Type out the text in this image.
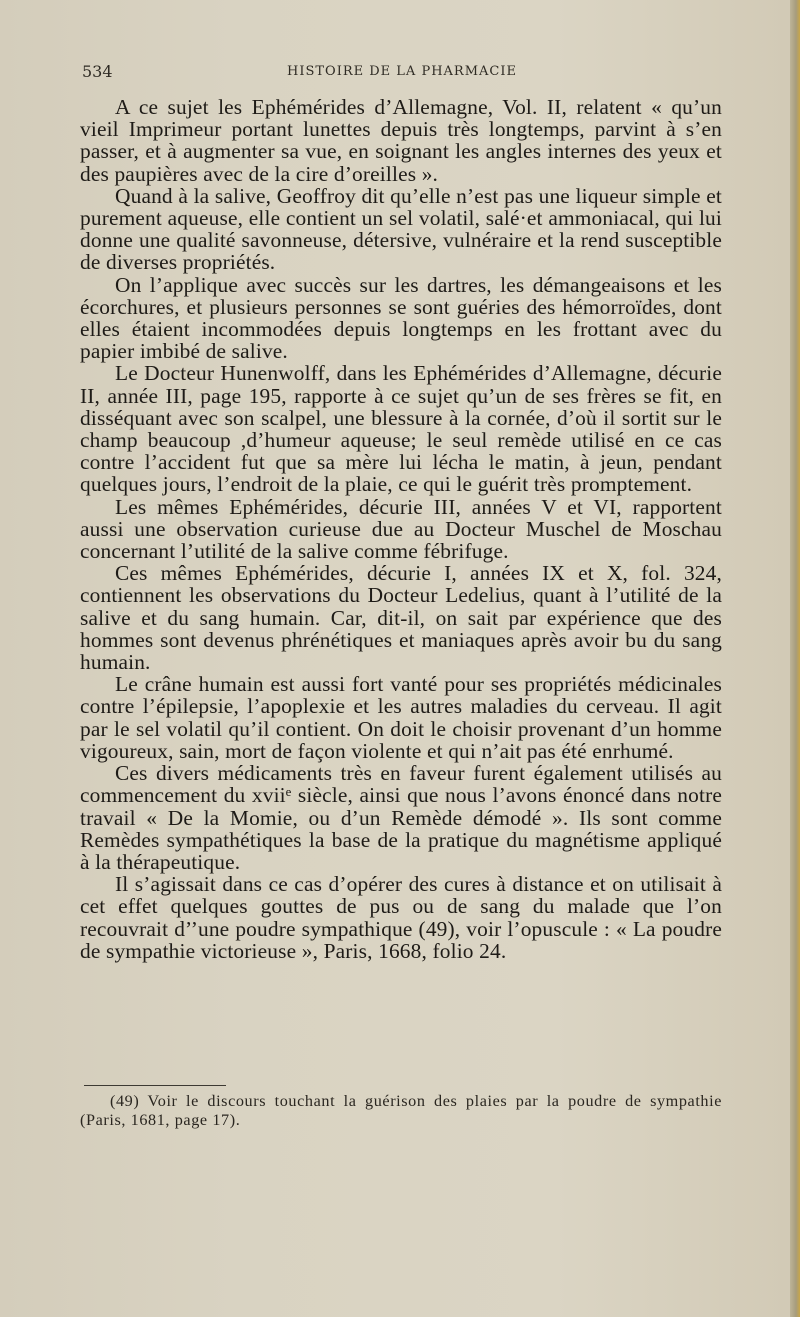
534	HISTOIRE DE LA PHARMACIE

A ce sujet les Ephémérides d’Allemagne, Vol. II, relatent « qu’un vieil Imprimeur portant lunettes depuis très longtemps, parvint à s’en passer, et à augmenter sa vue, en soignant les angles internes des yeux et des paupières avec de la cire d’oreilles ».

Quand à la salive, Geoffroy dit qu’elle n’est pas une liqueur simple et purement aqueuse, elle contient un sel volatil, salé·et ammoniacal, qui lui donne une qualité savonneuse, détersive, vulnéraire et la rend susceptible de diverses propriétés.

On l’applique avec succès sur les dartres, les démangeaisons et les écorchures, et plusieurs personnes se sont guéries des hémorroïdes, dont elles étaient incommodées depuis longtemps en les frottant avec du papier imbibé de salive.

Le Docteur Hunenwolff, dans les Ephémérides d’Allemagne, décurie II, année III, page 195, rapporte à ce sujet qu’un de ses frères se fit, en disséquant avec son scalpel, une blessure à la cornée, d’où il sortit sur le champ beaucoup ,d’humeur aqueuse; le seul remède utilisé en ce cas contre l’accident fut que sa mère lui lécha le matin, à jeun, pendant quelques jours, l’endroit de la plaie, ce qui le guérit très promptement.

Les mêmes Ephémérides, décurie III, années V et VI, rapportent aussi une observation curieuse due au Docteur Muschel de Moschau concernant l’utilité de la salive comme fébrifuge.

Ces mêmes Ephémérides, décurie I, années IX et X, fol. 324, contiennent les observations du Docteur Ledelius, quant à l’utilité de la salive et du sang humain. Car, dit-il, on sait par expérience que des hommes sont devenus phrénétiques et maniaques après avoir bu du sang humain.

Le crâne humain est aussi fort vanté pour ses propriétés médicinales contre l’épilepsie, l’apoplexie et les autres maladies du cerveau. Il agit par le sel volatil qu’il contient. On doit le choisir provenant d’un homme vigoureux, sain, mort de façon violente et qui n’ait pas été enrhumé.

Ces divers médicaments très en faveur furent également utilisés au commencement du xviiᵉ siècle, ainsi que nous l’avons énoncé dans notre travail « De la Momie, ou d’un Remède démodé ». Ils sont comme Remèdes sympathétiques la base de la pratique du magnétisme appliqué à la thérapeutique.

Il s’agissait dans ce cas d’opérer des cures à distance et on utilisait à cet effet quelques gouttes de pus ou de sang du malade que l’on recouvrait d’’une poudre sympathique (49), voir l’opuscule : « La poudre de sympathie victorieuse », Paris, 1668, folio 24.

(49) Voir le discours touchant la guérison des plaies par la poudre de sympathie (Paris, 1681, page 17).
